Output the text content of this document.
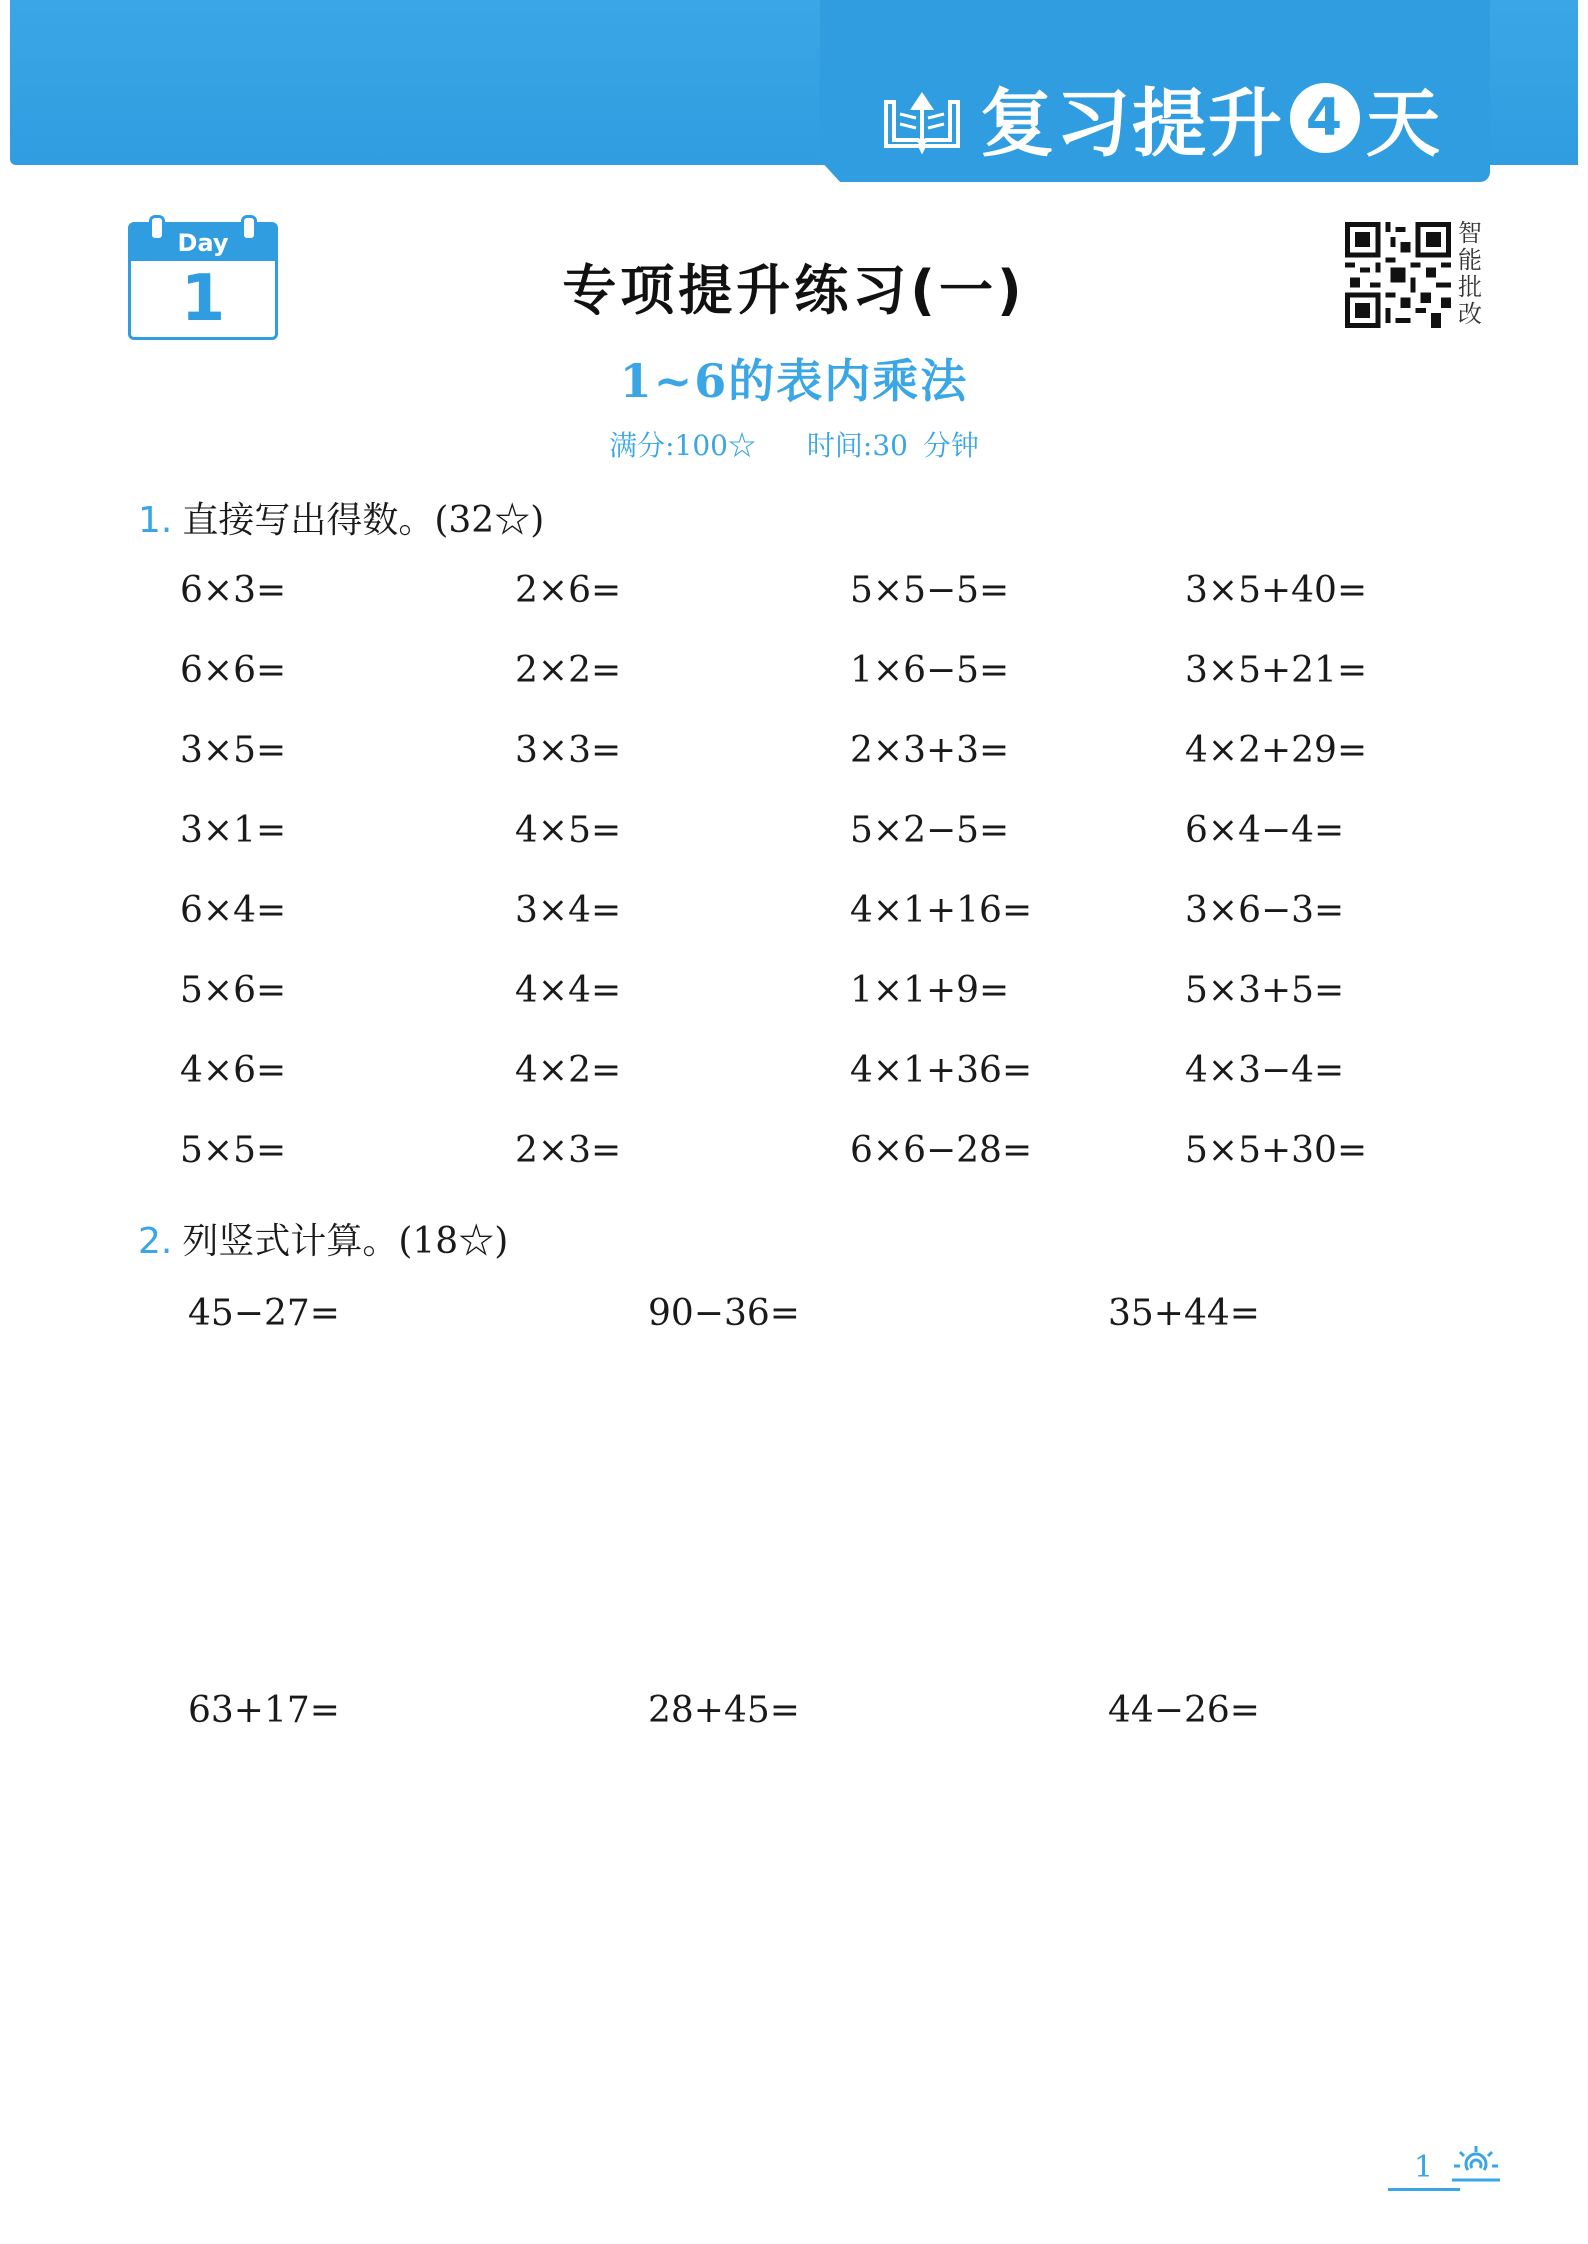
复习提升 4 天
Day
1	专项提升练习(一)
1~6的表内乘法
满分:100☆ 时间:30 分钟
智能批改
1. 直接写出得数。(32☆)
6×3=	2×6=	5×5−5=	3×5+40=
6×6=	2×2=	1×6−5=	3×5+21=
3×5=	3×3=	2×3+3=	4×2+29=
3×1=	4×5=	5×2−5=	6×4−4=
6×4=	3×4=	4×1+16=	3×6−3=
5×6=	4×4=	1×1+9=	5×3+5=
4×6=	4×2=	4×1+36=	4×3−4=
5×5=	2×3=	6×6−28=	5×5+30=
2. 列竖式计算。(18☆)
45−27=	90−36=	35+44=
63+17=	28+45=	44−26=
1
